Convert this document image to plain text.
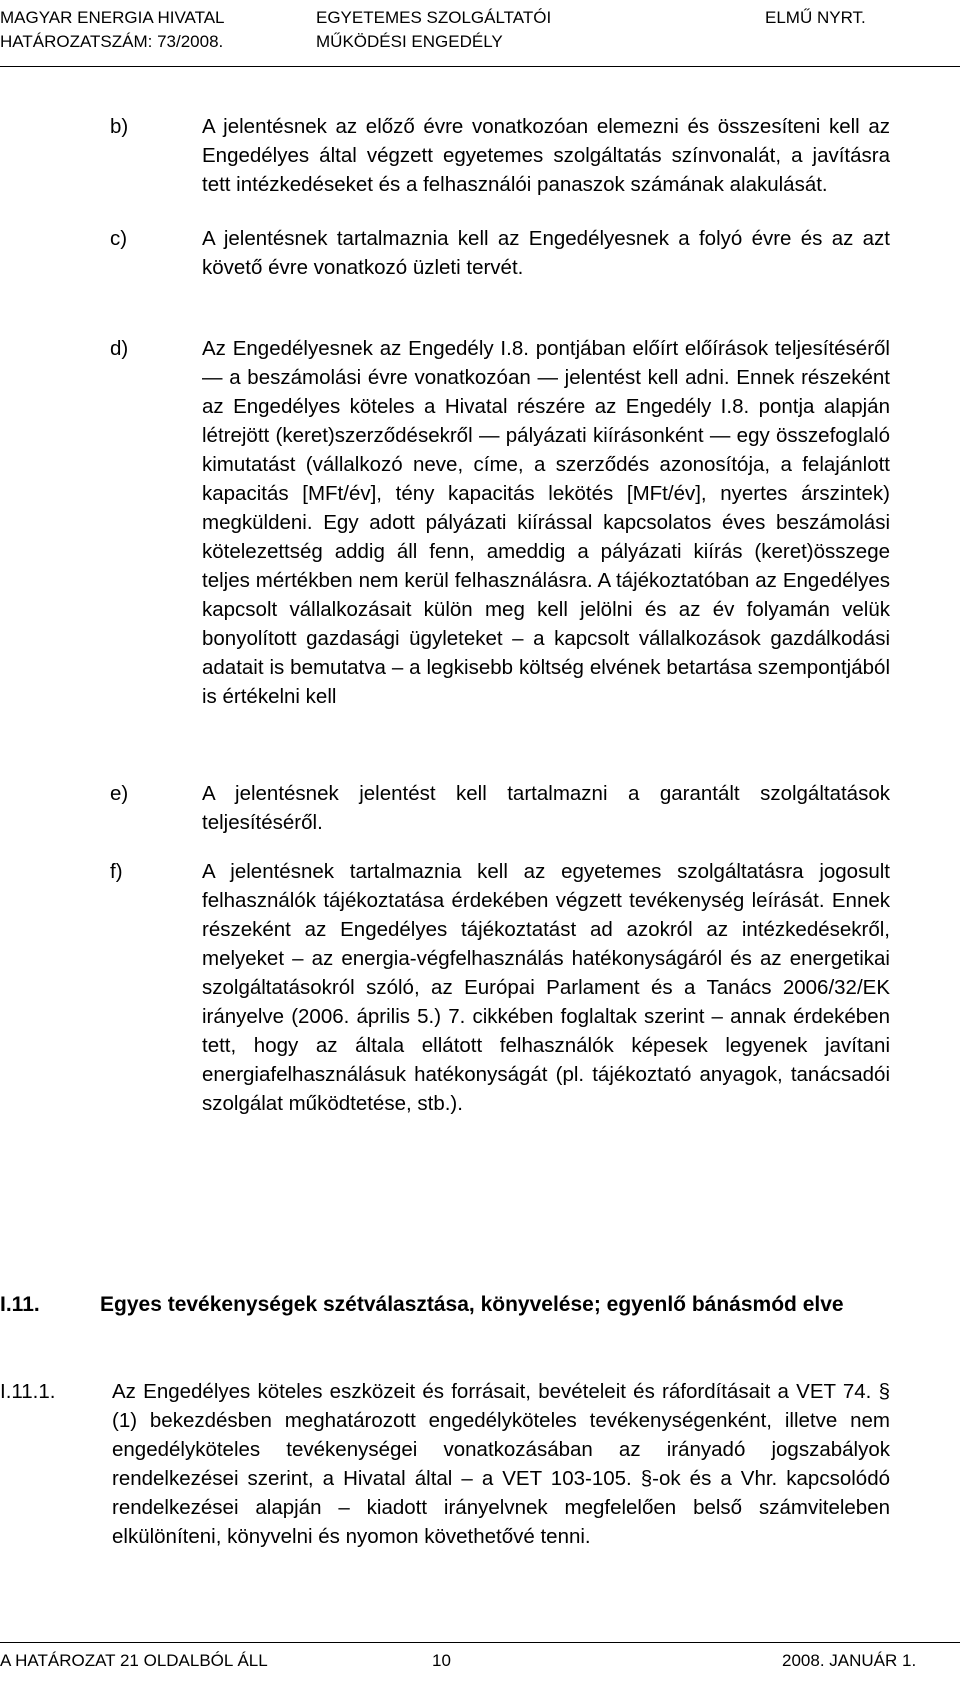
MAGYAR ENERGIA HIVATAL
HATÁROZATSZÁM: 73/2008.
EGYETEMES SZOLGÁLTATÓI
MŰKÖDÉSI ENGEDÉLY
ELMŰ NYRT.
b)	A jelentésnek az előző évre vonatkozóan elemezni és összesíteni kell az Engedélyes által végzett egyetemes szolgáltatás színvonalát, a javításra tett intézkedéseket és a felhasználói panaszok számának alakulását.
c)	A jelentésnek tartalmaznia kell az Engedélyesnek a folyó évre és az azt követő évre vonatkozó üzleti tervét.
d)	Az Engedélyesnek az Engedély I.8. pontjában előírt előírások teljesítéséről ― a beszámolási évre vonatkozóan ― jelentést kell adni. Ennek részeként az Engedélyes köteles a Hivatal részére az Engedély I.8. pontja alapján létrejött (keret)szerződésekről ― pályázati kiírásonként ― egy összefoglaló kimutatást (vállalkozó neve, címe, a szerződés azonosítója, a felajánlott kapacitás [MFt/év], tény kapacitás lekötés [MFt/év], nyertes árszintek) megküldeni. Egy adott pályázati kiírással kapcsolatos éves beszámolási kötelezettség addig áll fenn, ameddig a pályázati kiírás (keret)összege teljes mértékben nem kerül felhasználásra. A tájékoztatóban az Engedélyes kapcsolt vállalkozásait külön meg kell jelölni és az év folyamán velük bonyolított gazdasági ügyleteket – a kapcsolt vállalkozások gazdálkodási adatait is bemutatva – a legkisebb költség elvének betartása szempontjából is értékelni kell
e)	A jelentésnek jelentést kell tartalmazni a garantált szolgáltatások teljesítéséről.
f)	A jelentésnek tartalmaznia kell az egyetemes szolgáltatásra jogosult felhasználók tájékoztatása érdekében végzett tevékenység leírását. Ennek részeként az Engedélyes tájékoztatást ad azokról az intézkedésekről, melyeket – az energia-végfelhasználás hatékonyságáról és az energetikai szolgáltatásokról szóló, az Európai Parlament és a Tanács 2006/32/EK irányelve (2006. április 5.) 7. cikkében foglaltak szerint – annak érdekében tett, hogy az általa ellátott felhasználók képesek legyenek javítani energiafelhasználásuk hatékonyságát (pl. tájékoztató anyagok, tanácsadói szolgálat működtetése, stb.).
I.11.	Egyes tevékenységek szétválasztása, könyvelése; egyenlő bánásmód elve
I.11.1.	Az Engedélyes köteles eszközeit és forrásait, bevételeit és ráfordításait a VET 74. § (1) bekezdésben meghatározott engedélyköteles tevékenységenként, illetve nem engedélyköteles tevékenységei vonatkozásában az irányadó jogszabályok rendelkezései szerint, a Hivatal által – a VET 103-105. §-ok és a Vhr. kapcsolódó rendelkezései alapján – kiadott irányelvnek megfelelően belső számviteleben elkülöníteni, könyvelni és nyomon követhetővé tenni.
A HATÁROZAT 21 OLDALBÓL ÁLL	10	2008. JANUÁR 1.
